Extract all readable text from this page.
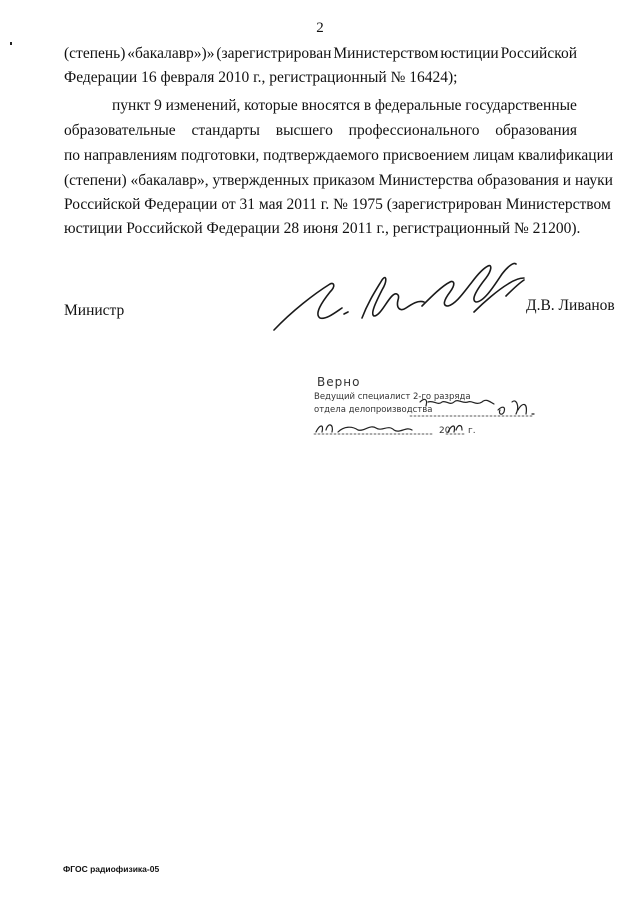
2
(степень) «бакалавр»)» (зарегистрирован Министерством юстиции Российской
Федерации 16 февраля 2010 г., регистрационный № 16424);
пункт 9 изменений, которые вносятся в федеральные государственные
образовательные стандарты высшего профессионального образования
по направлениям подготовки, подтверждаемого присвоением лицам квалификации
(степени) «бакалавр», утвержденных приказом Министерства образования и науки
Российской Федерации от 31 мая 2011 г. № 1975 (зарегистрирован Министерством
юстиции Российской Федерации 28 июня 2011 г., регистрационный № 21200).
Министр	Д.В. Ливанов
Верно
Ведущий специалист 2-го разряда
отдела делопроизводства
20 г.
ФГОС радиофизика-05
